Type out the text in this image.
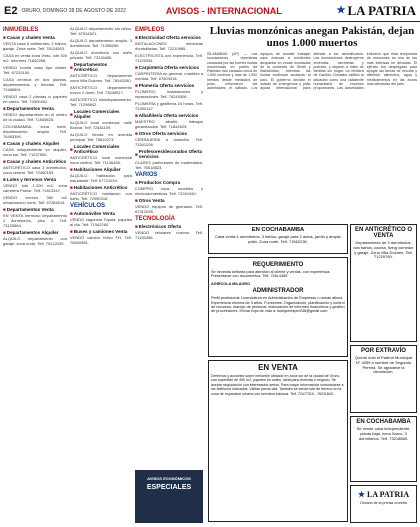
E2 ORURO, DOMINGO 28 DE AGOSTO DE 2022	AVISOS - INTERNACIONAL	★ LA PATRIA
INMUEBLES
■ Casas y chalets Venta
VENTA casa 6 ambientes, 2 baños, garaje. Zona norte. Telf. 76124503.
CASA en venta zona Vinto, lote 300 m2. Informes 71840256.
VENDO bonita casa tipo chalet. Telf. 67233150.
CASA céntrica en dos plantas, departamentos y tiendas. Telf. 72488801.
VENDO casa 2 plantas c/ papeles en orden. Telf. 73300462.
■ Departamentos Venta
VENDO departamento en el centro de la ciudad. Telf. 71845526.
COCHABAMBA, zona norte, departamento amplio. Telf. 76483390.
■ Casas y chalets Alquiler
CASA independiente en alquiler, zona sur. Telf. 71237650.
■ Casas y chalets Anticrético
ANTICRÉTICO casa 3 dormitorios, zona central. Telf. 72460183.
■ Lotes y terrenos Venta
VENDO lote 1.200 m2, zona carretera Potosí. Telf. 71813347.
VENDO terreno 360 m2 urbanización norte. Telf. 67284615.
■ Departamentos Venta
EN VENTA hermoso departamento 2 dormitorios, piso 4. Telf. 73125864.
■ Departamentos Alquiler
ALQUILO departamento con garaje, zona norte. Telf. 76112039.
ALQUILO departamento sin niños. Telf. 67534521.
ALQUILO departamento amplio, 3 dormitorios. Telf. 71256690.
ALQUILO dormitorio con baño privado. Telf. 72230486.
■ Departamentos Anticrético
ANTICRÉTICO departamento zona Villa Dolores. Telf. 76543280.
ANTICRÉTICO departamento nuevo 2 dorm. Telf. 73045517.
ANTICRÉTICO minidepartamento. Telf. 71298842.
■ Locales Comerciales Alquiler
ALQUILO local comercial, calle Bolívar. Telf. 72481109.
ALQUILO tienda en avenida principal. Telf. 76612073.
■ Locales Comerciales Anticrético
ANTICRÉTICO local comercial zona central. Telf. 71136455.
■ Habitaciones Alquiler
ALQUILO habitación para estudiante. Telf. 67721034.
■ Habitaciones Anticrético
ANTICRÉTICO habitación con baño. Telf. 72950318.
VEHÍCULOS
■ Automóviles Venta
VENDO vagoneta Toyota, papeles al día. Telf. 71542260.
■ Buses y camiones Venta
VENDO camión Volvo FH. Telf. 76630981.
EMPLEOS
■ Electricidad Oferta servicios
INSTALACIONES eléctricas domiciliarias. Telf. 72210985.
ELECTRICISTA con experiencia. Telf. 71126334.
■ Carpintería Oferta servicios
CARPINTERÍA en general, muebles a medida. Telf. 67503318.
■ Plomería Oferta servicios
PLOMERO, instalaciones y reparaciones. Telf. 76245506.
PLOMERÍA y gasfitería 24 horas. Telf. 72390147.
■ Albañilería Oferta servicios
MAESTRO albañil, trabajos garantizados. Telf. 71844529.
■ Otros Oferta servicios
CERRAJERÍA a domicilio. Telf. 73341206.
■ Profesores/decorados Oferta servicios
CLASES particulares de matemática. Telf. 76518823.
VARIOS
■ Productos Compra
COMPRO ropa, muebles y electrodomésticos. Telf. 72261940.
■ Otros Venta
VENDO equipos de gimnasio. Telf. 67312095.
TECNOLOGÍA
■ Electrónicos Oferta
VENDO celulares nuevos. Telf. 71190288.
AVISOS ECONÓMICOS
ESPECIALES
Lluvias monzónicas anegan Pakistán, dejan unos 1.000 muertos
ISLAMABAD (AP) — Las inundaciones repentinas causadas por las fuertes lluvias monzónicas en partes de Pakistán han causado cerca de 1.000 muertos y más de 1.500 heridos desde mediados de junio, informaron las autoridades el sábado. Los equipos de rescate trabajan para evacuar a residentes atrapados en zonas inundadas de la provincia de Sindh y Baluchistán, mientras las lluvias continúan azotando al país. El gobierno declaró el estado de emergencia y pidió ayuda internacional para atender a los damnificados. Las inundaciones destruyeron viviendas, carreteras y puentes, y dejaron a miles de familias sin hogar. La ministra de Cambio Climático calificó la situación como una catástrofe humanitaria de enormes proporciones. Las autoridades indicaron que esta temporada de monzones es una de las más intensas en décadas. El ejército fue desplegado para apoyar las tareas de rescate y distribuir alimentos, agua y medicamentos en las zonas más afectadas del país.
EN COCHABAMBA
Casa venta 4 dormitorios, 3 baños, garaje para 2 autos, jardín y amplio patio. Zona norte. Telf. 71562230.
REQUERIMIENTO
Se necesita señorita para atención al cliente y ventas, con experiencia. Presentarse con documentos. Telf. 72614489.
AGRÍCOLA MILAGRO
ADMINISTRADOR
Perfil profesional: Licenciatura en Administración de Empresas o ramas afines. Experiencia mínima de 3 años. Funciones: Organización, planificación y control de recursos, manejo de personal, elaboración de informes financieros y gestión de proveedores. Enviar hoja de vida a: toddychesper246@gmail.com
EN VENTA
Derechos y acciones sobre inmueble ubicado en zona sur de la ciudad de Oruro, con superficie de 450 m2, papeles en orden, ideal para vivienda o negocio. Se acepta negociación con interesados serios. Para mayor información comunicarse a los teléfonos indicados. Visitas previa cita. También se vende lote de terreno en la zona de expansión urbana con servicios básicos. Telf. 72477910 - 76211843.
EN ANTICRÉTICO O VENTA
Departamento de 3 dormitorios, dos baños, cocina, living comedor y garaje. Zona Villa Dolores. Telf. 71229760.
POR EXTRAVÍO
Quedó nulo el Padrón Municipal N° 4059 a nombre de Segundo Pereira. Se agradece la devolución.
EN COCHABAMBA
Se vende casa independiente, planta baja, zona Sarco, 3 dormitorios. Telf. 73218865.
★ LA PATRIA
Decano de la prensa orureña
